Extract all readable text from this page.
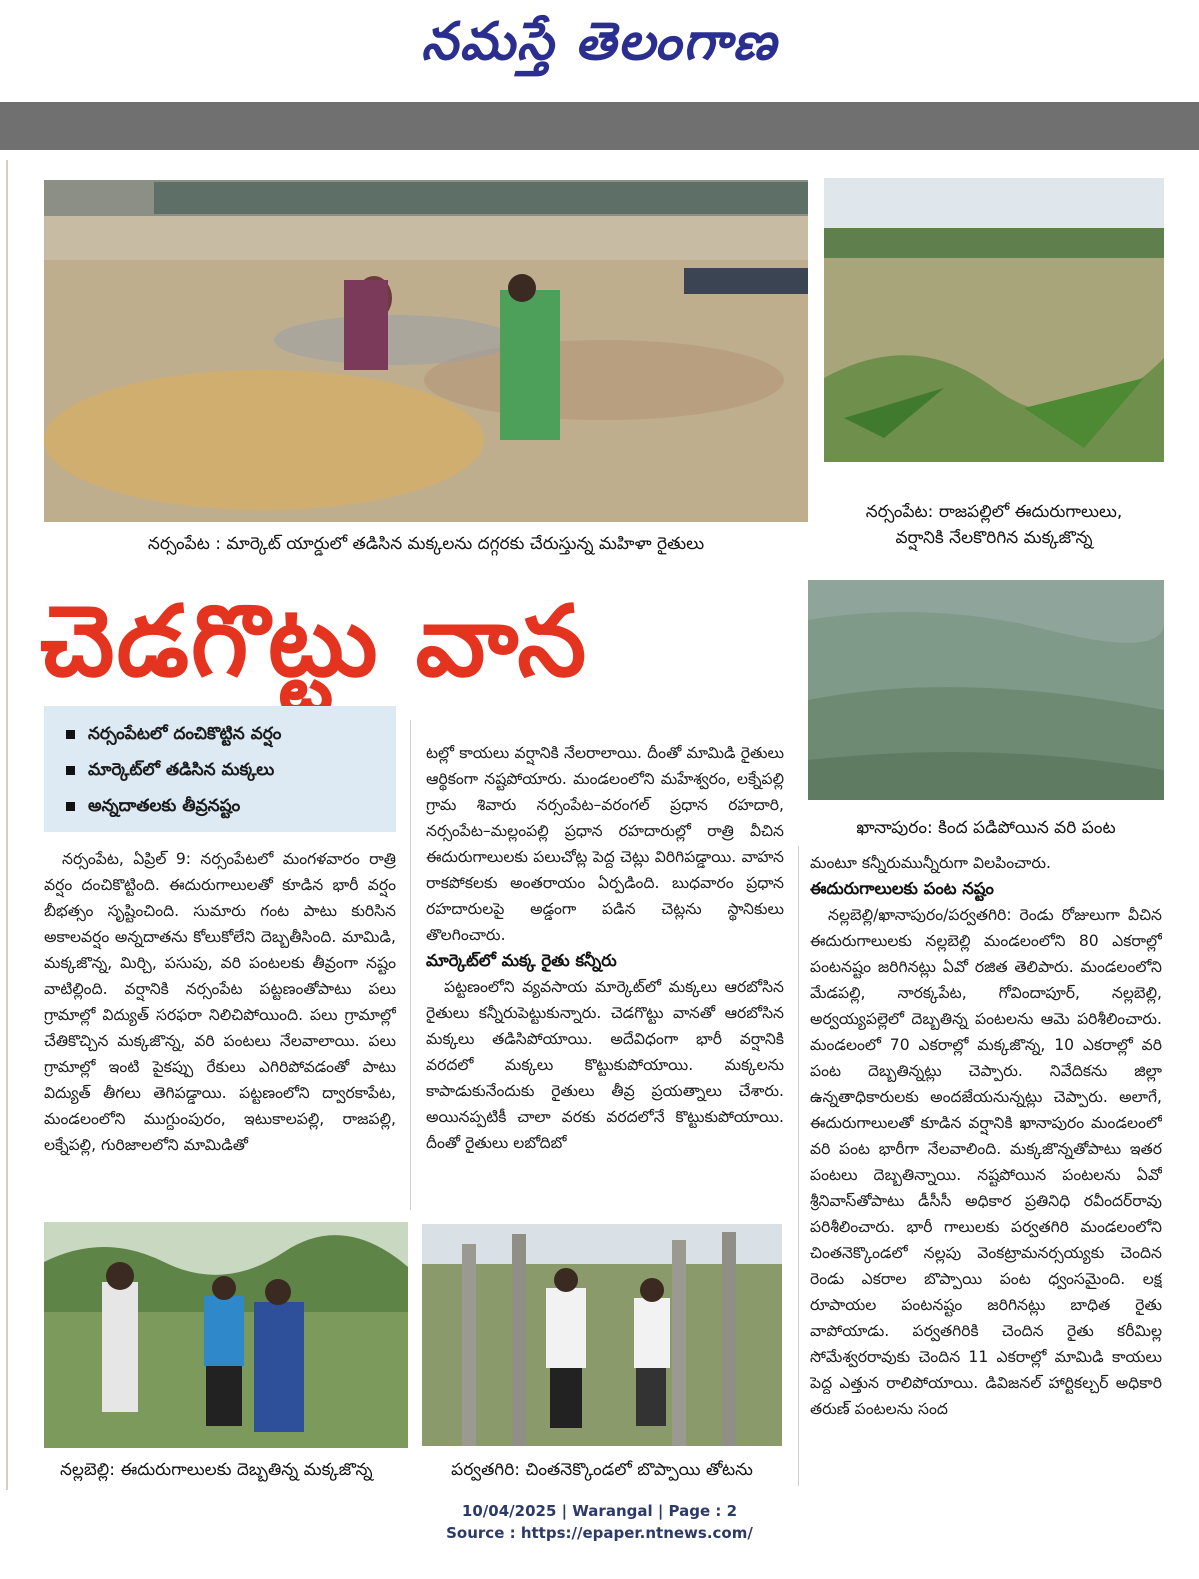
నమస్తే తెలంగాణ
నర్సంపేట : మార్కెట్ యార్డులో తడిసిన మక్కలను దగ్గరకు చేరుస్తున్న మహిళా రైతులు
నర్సంపేట: రాజపల్లిలో ఈదురుగాలులు,
వర్షానికి నేలకొరిగిన మక్కజొన్న
చెడగొట్టు వాన
ఖానాపురం: కింద పడిపోయిన వరి పంట
నర్సంపేటలో దంచికొట్టిన వర్షం
మార్కెట్‌లో తడిసిన మక్కలు
అన్నదాతలకు తీవ్రనష్టం

నర్సంపేట, ఏప్రిల్ 9: నర్సంపేటలో మంగళవారం రాత్రి వర్షం దంచికొట్టింది. ఈదురుగాలులతో కూడిన భారీ వర్షం బీభత్సం సృష్టించింది. సుమారు గంట పాటు కురిసిన అకాలవర్షం అన్నదాతను కోలుకోలేని దెబ్బతీసింది. మామిడి, మక్కజొన్న, మిర్చి, పసుపు, వరి పంటలకు తీవ్రంగా నష్టం వాటిల్లింది. వర్షానికి నర్సంపేట పట్టణంతోపాటు పలు గ్రామాల్లో విద్యుత్ సరఫరా నిలిచిపోయింది. పలు గ్రామాల్లో చేతికొచ్చిన మక్కజొన్న, వరి పంటలు నేలవాలాయి. పలు గ్రామాల్లో ఇంటి పైకప్పు రేకులు ఎగిరిపోవడంతో పాటు విద్యుత్ తీగలు తెగిపడ్డాయి. పట్టణంలోని ద్వారకాపేట, మండలంలోని ముగ్దుంపురం, ఇటుకాలపల్లి, రాజపల్లి, లక్నేపల్లి, గురిజాలలోని మామిడితో

టల్లో కాయలు వర్షానికి నేలరాలాయి. దీంతో మామిడి రైతులు ఆర్థికంగా నష్టపోయారు. మండలంలోని మహేశ్వరం, లక్నేపల్లి గ్రామ శివారు నర్సంపేట–వరంగల్ ప్రధాన రహదారి, నర్సంపేట–మల్లంపల్లి ప్రధాన రహదారుల్లో రాత్రి వీచిన ఈదురుగాలులకు పలుచోట్ల పెద్ద చెట్లు విరిగిపడ్డాయి. వాహన రాకపోకలకు అంతరాయం ఏర్పడింది. బుధవారం ప్రధాన రహదారులపై అడ్డంగా పడిన చెట్లను స్థానికులు తొలగించారు.

మార్కెట్‌లో మక్క రైతు కన్నీరు

పట్టణంలోని వ్యవసాయ మార్కెట్‌లో మక్కలు ఆరబోసిన రైతులు కన్నీరుపెట్టుకున్నారు. చెడగొట్టు వానతో ఆరబోసిన మక్కలు తడిసిపోయాయి. అదేవిధంగా భారీ వర్షానికి వరదలో మక్కలు కొట్టుకుపోయాయి. మక్కలను కాపాడుకునేందుకు రైతులు తీవ్ర ప్రయత్నాలు చేశారు. అయినప్పటికీ చాలా వరకు వరదలోనే కొట్టుకుపోయాయి. దీంతో రైతులు లబోదిబో

మంటూ కన్నీరుమున్నీరుగా విలపించారు.

ఈదురుగాలులకు పంట నష్టం

నల్లబెల్లి/ఖానాపురం/పర్వతగిరి: రెండు రోజులుగా వీచిన ఈదురుగాలులకు నల్లబెల్లి మండలంలోని 80 ఎకరాల్లో పంటనష్టం జరిగినట్లు ఏవో రజిత తెలిపారు. మండలంలోని మేడపల్లి, నారక్కపేట, గోవిందాపూర్, నల్లబెల్లి, అర్వయ్యపల్లెలో దెబ్బతిన్న పంటలను ఆమె పరిశీలించారు. మండలంలో 70 ఎకరాల్లో మక్కజొన్న, 10 ఎకరాల్లో వరి పంట దెబ్బతిన్నట్లు చెప్పారు. నివేదికను జిల్లా ఉన్నతాధికారులకు అందజేయనున్నట్లు చెప్పారు. అలాగే, ఈదురుగాలులతో కూడిన వర్షానికి ఖానాపురం మండలంలో వరి పంట భారీగా నేలవాలింది. మక్కజొన్నతోపాటు ఇతర పంటలు దెబ్బతిన్నాయి. నష్టపోయిన పంటలను ఏవో శ్రీనివాస్‌తోపాటు డీసీసీ అధికార ప్రతినిధి రవీందర్‌రావు పరిశీలించారు. భారీ గాలులకు పర్వతగిరి మండలంలోని చింతనెక్కొండలో నల్లపు వెంకట్రామనర్సయ్యకు చెందిన రెండు ఎకరాల బొప్పాయి పంట ధ్వంసమైంది. లక్ష రూపాయల పంటనష్టం జరిగినట్లు బాధిత రైతు వాపోయాడు. పర్వతగిరికి చెందిన రైతు కరీమిల్ల సోమేశ్వరరావుకు చెందిన 11 ఎకరాల్లో మామిడి కాయలు పెద్ద ఎత్తున రాలిపోయాయి. డివిజనల్ హార్టికల్చర్ అధికారి తరుణ్ పంటలను సంద

నల్లబెల్లి: ఈదురుగాలులకు దెబ్బతిన్న మక్కజొన్న	పర్వతగిరి: చింతనెక్కొండలో బొప్పాయి తోటను
10/04/2025 | Warangal | Page : 2
Source : https://epaper.ntnews.com/
